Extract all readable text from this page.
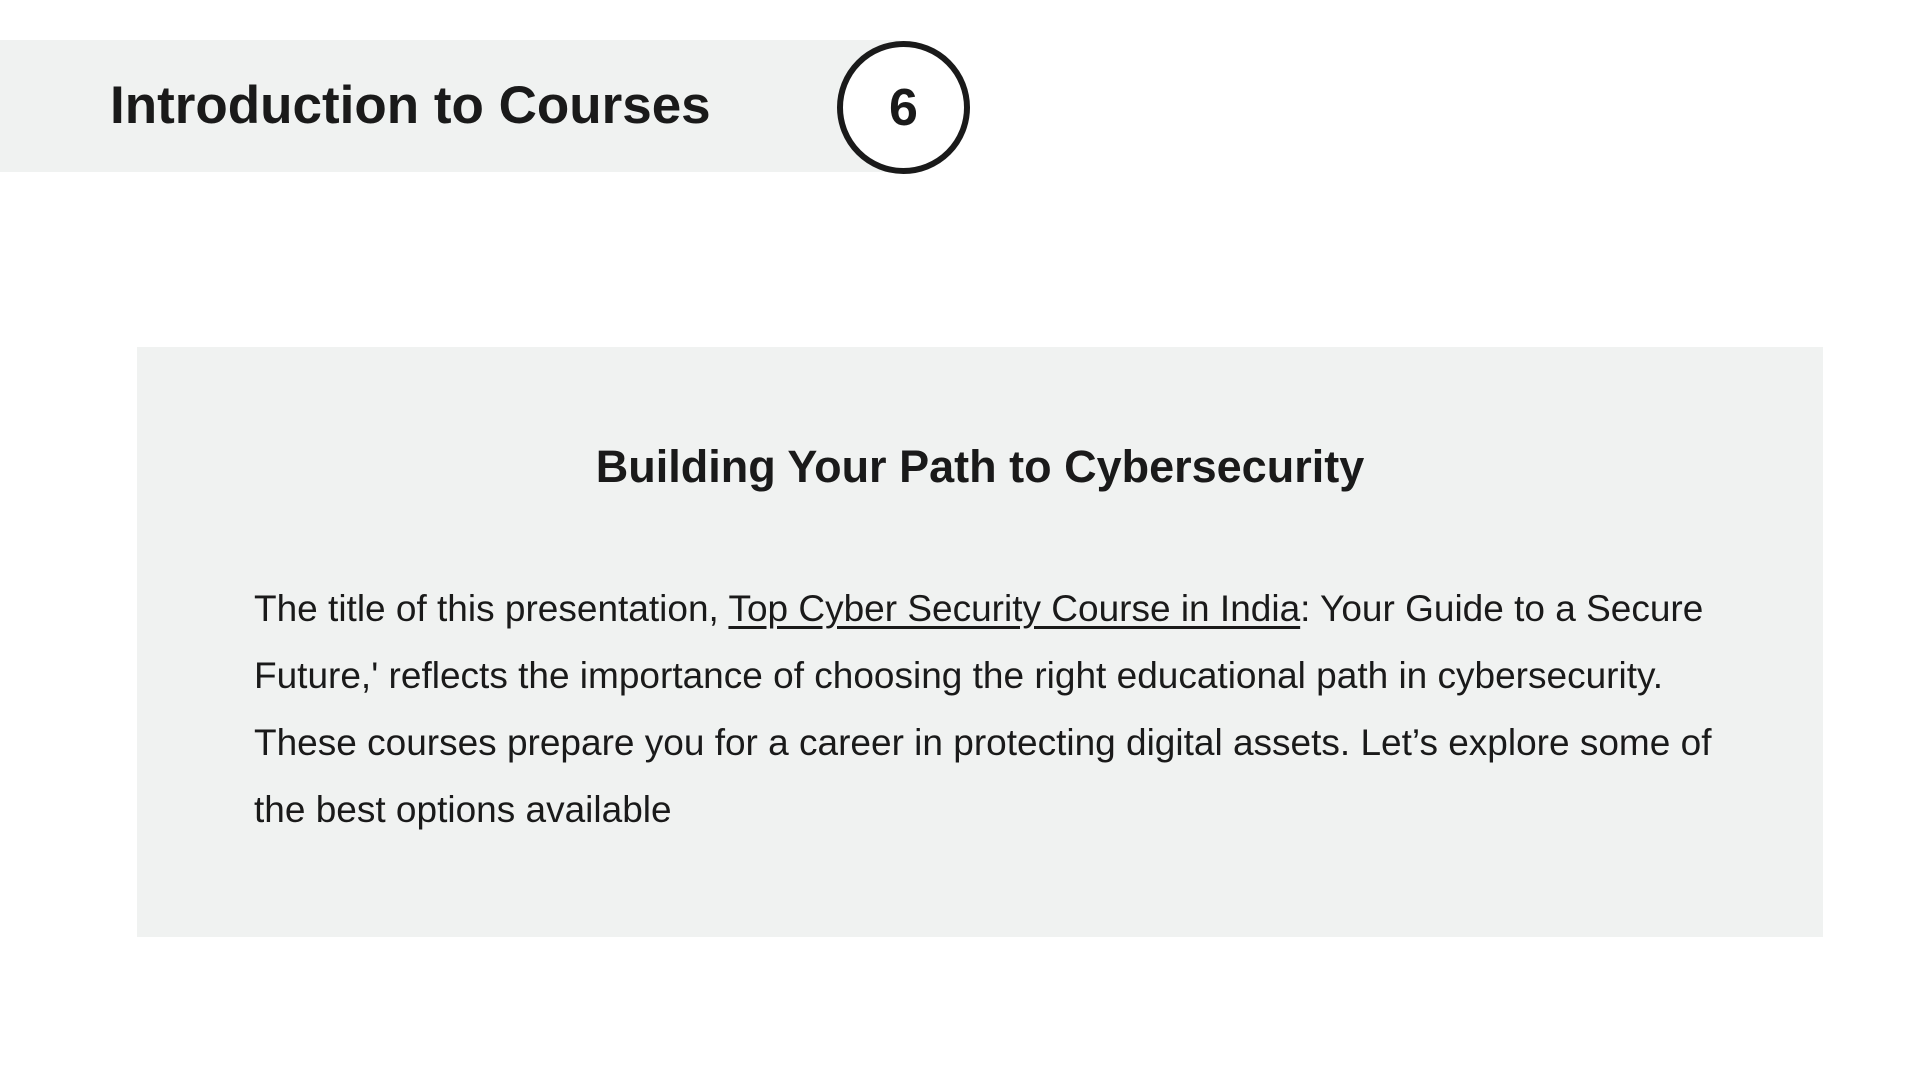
Introduction to Courses	6
Building Your Path to Cybersecurity

The title of this presentation, Top Cyber Security Course in India: Your Guide to a Secure Future,' reflects the importance of choosing the right educational path in cybersecurity. These courses prepare you for a career in protecting digital assets. Let’s explore some of the best options available
